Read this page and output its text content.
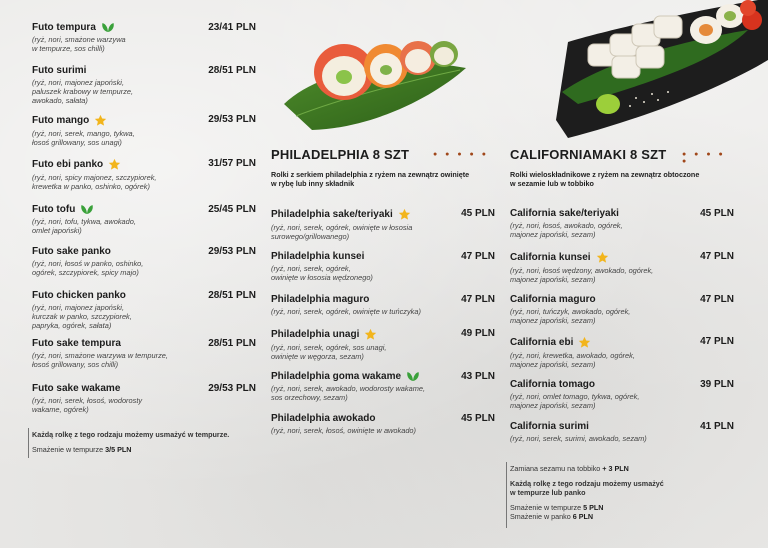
Futo tempura	23/41 PLN
(ryż, nori, smażone warzywa
w tempurze, sos chilli)
Futo surimi	28/51 PLN
(ryż, nori, majonez japoński,
paluszek krabowy w tempurze,
awokado, sałata)
Futo mango	29/53 PLN
(ryż, nori, serek, mango, tykwa,
łosoś grillowany, sos unagi)
Futo ebi panko	31/57 PLN
(ryż, nori, spicy majonez, szczypiorek,
krewetka w panko, oshinko, ogórek)
Futo tofu	25/45 PLN
(ryż, nori, tofu, tykwa, awokado,
omlet japoński)
Futo sake panko	29/53 PLN
(ryż, nori, łosoś w panko, oshinko,
ogórek, szczypiorek, spicy majo)
Futo chicken panko	28/51 PLN
(ryż, nori, majonez japoński,
kurczak w panko, szczypiorek,
papryka, ogórek, sałata)
Futo sake tempura	28/51 PLN
(ryż, nori, smażone warzywa w tempurze,
łosoś grillowany, sos chilli)
Futo sake wakame	29/53 PLN
(ryż, nori, serek, łosoś, wodorosty
wakame, ogórek)
Każdą rolkę z tego rodzaju możemy usmażyć w tempurze.
Smażenie w tempurze 3/5 PLN
PHILADELPHIA 8 SZT	● ● ● ● ●
Rolki z serkiem philadelphia z ryżem na zewnątrz owinięte
w rybę lub inny składnik
Philadelphia sake/teriyaki	45 PLN
(ryż, nori, serek, ogórek, owinięte w łososia
surowego/grillowanego)
Philadelphia kunsei	47 PLN
(ryż, nori, serek, ogórek,
owinięte w łososia wędzonego)
Philadelphia maguro	47 PLN
(ryż, nori, serek, ogórek, owinięte w tuńczyka)
Philadelphia unagi	49 PLN
(ryż, nori, serek, ogórek, sos unagi,
owinięte w węgorza, sezam)
Philadelphia goma wakame	43 PLN
(ryż, nori, serek, awokado, wodorosty wakame,
sos orzechowy, sezam)
Philadelphia awokado	45 PLN
(ryż, nori, serek, łosoś, owinięte w awokado)
CALIFORNIAMAKI 8 SZT ● ● ● ● ●
Rolki wieloskładnikowe z ryżem na zewnątrz obtoczone
w sezamie lub w tobbiko
California sake/teriyaki	45 PLN
(ryż, nori, łosoś, awokado, ogórek,
majonez japoński, sezam)
California kunsei	47 PLN
(ryż, nori, łosoś wędzony, awokado, ogórek,
majonez japoński, sezam)
California maguro	47 PLN
(ryż, nori, tuńczyk, awokado, ogórek,
majonez japoński, sezam)
California ebi	47 PLN
(ryż, nori, krewetka, awokado, ogórek,
majonez japoński, sezam)
California tomago	39 PLN
(ryż, nori, omlet tomago, tykwa, ogórek,
majonez japoński, sezam)
California surimi	41 PLN
(ryż, nori, serek, surimi, awokado, sezam)
Zamiana sezamu na tobbiko + 3 PLN
Każdą rolkę z tego rodzaju możemy usmażyć
w tempurze lub panko
Smażenie w tempurze 5 PLN
Smażenie w panko 6 PLN
